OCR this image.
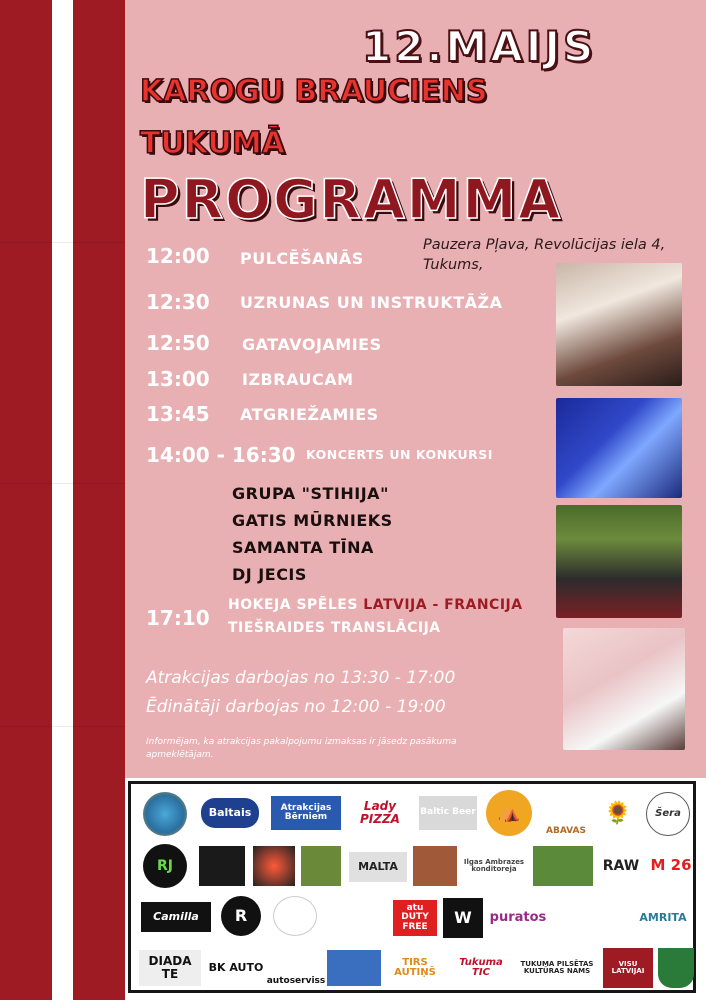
12.MAIJS
KAROGU BRAUCIENS
TUKUMĀ
PROGRAMMA
Pauzera Pļava, Revolūcijas iela 4, Tukums,
12:00 PULCĒŠANĀS
12:30 UZRUNAS UN INSTRUKTĀŽA
12:50 GATAVOJAMIES
13:00 IZBRAUCAM
13:45 ATGRIEŽAMIES
14:00 - 16:30 KONCERTS UN KONKURSI
GRUPA "STIHIJA"
GATIS MŪRNIEKS
SAMANTA TĪNA
DJ JECIS
17:10
HOKEJA SPĒLES LATVIJA - FRANCIJA
TIEŠRAIDES TRANSLĀCIJA
Atrakcijas darbojas no 13:30 - 17:00
Ēdinātāji darbojas no 12:00 - 19:00
Informējam, ka atrakcijas pakalpojumu izmaksas ir jāsedz pasākuma apmeklētājam.
Baltais	Atrakcijas Bērniem
Lady PIZZA	Baltic Beer	⛺
ABAVAS
🌻	Šera
RJ	MALTA	Ilgas Ambrazes konditoreja	RAW M 26
Camilla	R	atu DUTY FREE
W	puratos	AMRITA
DIADA TE	BK AUTO
autoserviss
TIRS AUTIŅŠ
Tukuma TIC
TUKUMA PILSĒTAS KULTŪRAS NAMS
VISU LATVIJAI
